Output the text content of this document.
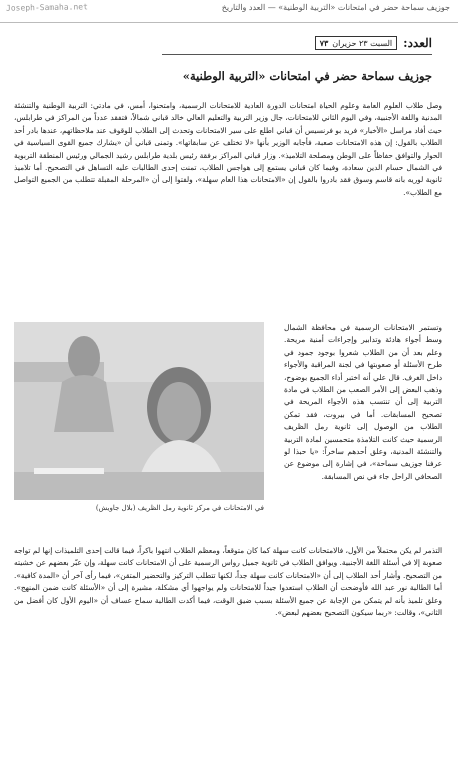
جوزيف سماحة حضر في امتحانات «التربية الوطنية» — العدد والتاريخ
Joseph-Samaha.net
العدد:
السبت ٢٣ حزيران
٧٣
جوزيف سماحة حضر في امتحانات «التربية الوطنية»

وصل طلاب العلوم العامة وعلوم الحياة امتحانات الدورة العادية للامتحانات الرسمية، وامتحنوا، أمس، في مادتي: التربية الوطنية والتنشئة المدنية واللغة الأجنبية، وفي اليوم الثاني للامتحانات، جال وزير التربية والتعليم العالي خالد قباني شمالاً، فتفقد عدداً من المراكز في طرابلس، حيث أفاد مراسل «الأخبار» فريد بو فرنسيس أن قباني اطلع على سير الامتحانات وتحدث إلى الطلاب للوقوف عند ملاحظاتهم، عندها بادر أحد الطلاب بالقول: إن هذه الامتحانات صعبة، فأجابه الوزير بأنها «لا تختلف عن سابقاتها». وتمنى قباني أن «يشارك جميع القوى السياسية في الحوار والتوافق حفاظاً على الوطن ومصلحة التلاميذ». وزار قباني المراكز برفقة رئيس بلدية طرابلس رشيد الجمالي ورئيس المنطقة التربوية في الشمال حسام الدين سعادة، وفيما كان قباني يستمع إلى هواجس الطلاب، تمنت إحدى الطالبات عليه التساهل في التصحيح. أما تلاميذ ثانوية لوريه بانه قاسم وسوق فقد بادروا بالقول إن «الامتحانات هذا العام سهلة»، ولفتوا إلى أن «المرحلة المقبلة تتطلب من الجميع التواصل مع الطلاب».

وتستمر الامتحانات الرسمية في محافظة الشمال وسط أجواء هادئة وتدابير وإجراءات أمنية مريحة. وعلم بعد أن من الطلاب شعروا بوجود جمود في طرح الأسئلة أو صعوبتها في لجنة المراقبة والأجواء داخل الغرف. قال علي أنه اختبر أداء الجميع بوضوح، وذهب البعض إلى الأمر الصعب من الطلاب في مادة التربية إلى أن تنتسب هذه الأجواء المريحة في تصحيح المسابقات. أما في بيروت، فقد تمكن الطلاب من الوصول إلى ثانوية رمل الظريف الرسمية حيث كانت التلامذة متحمسين لمادة التربية والتنشئة المدنية، وعلق أحدهم ساخراً: «يا حبذا لو عرفنا جوزيف سماحة»، في إشارة إلى موضوع عن الصحافي الراحل جاء في نص المسابقة.

في الامتحانات في مركز ثانوية رمل الظريف (بلال جاويش)

التذمر لم يكن محتملاً من الأول، فالامتحانات كانت سهلة كما كان متوقعاً، ومعظم الطلاب انتهوا باكراً، فيما قالت إحدى التلميذات إنها لم تواجه صعوبة إلا في أسئلة اللغة الأجنبية. ويوافق الطلاب في ثانوية جميل رواس الرسمية على أن الامتحانات كانت سهلة، وإن عبّر بعضهم عن خشيته من التصحيح. وأشار أحد الطلاب إلى أن «الامتحانات كانت سهلة جداً، لكنها تتطلب التركيز والتحضير المتقن»، فيما رأى آخر أن «المدة كافية». أما الطالبة نور عبد الله فأوضحت أن الطلاب استعدوا جيداً للامتحانات ولم يواجهوا أي مشكلة، مشيرة إلى أن «الأسئلة كانت ضمن المنهج». وعلق تلميذ بأنه لم يتمكن من الإجابة عن جميع الأسئلة بسبب ضيق الوقت، فيما أكدت الطالبة سماح عساف أن «اليوم الأول كان أفضل من الثاني»، وقالت: «ربما سيكون التصحيح بعضهم لبعض».
